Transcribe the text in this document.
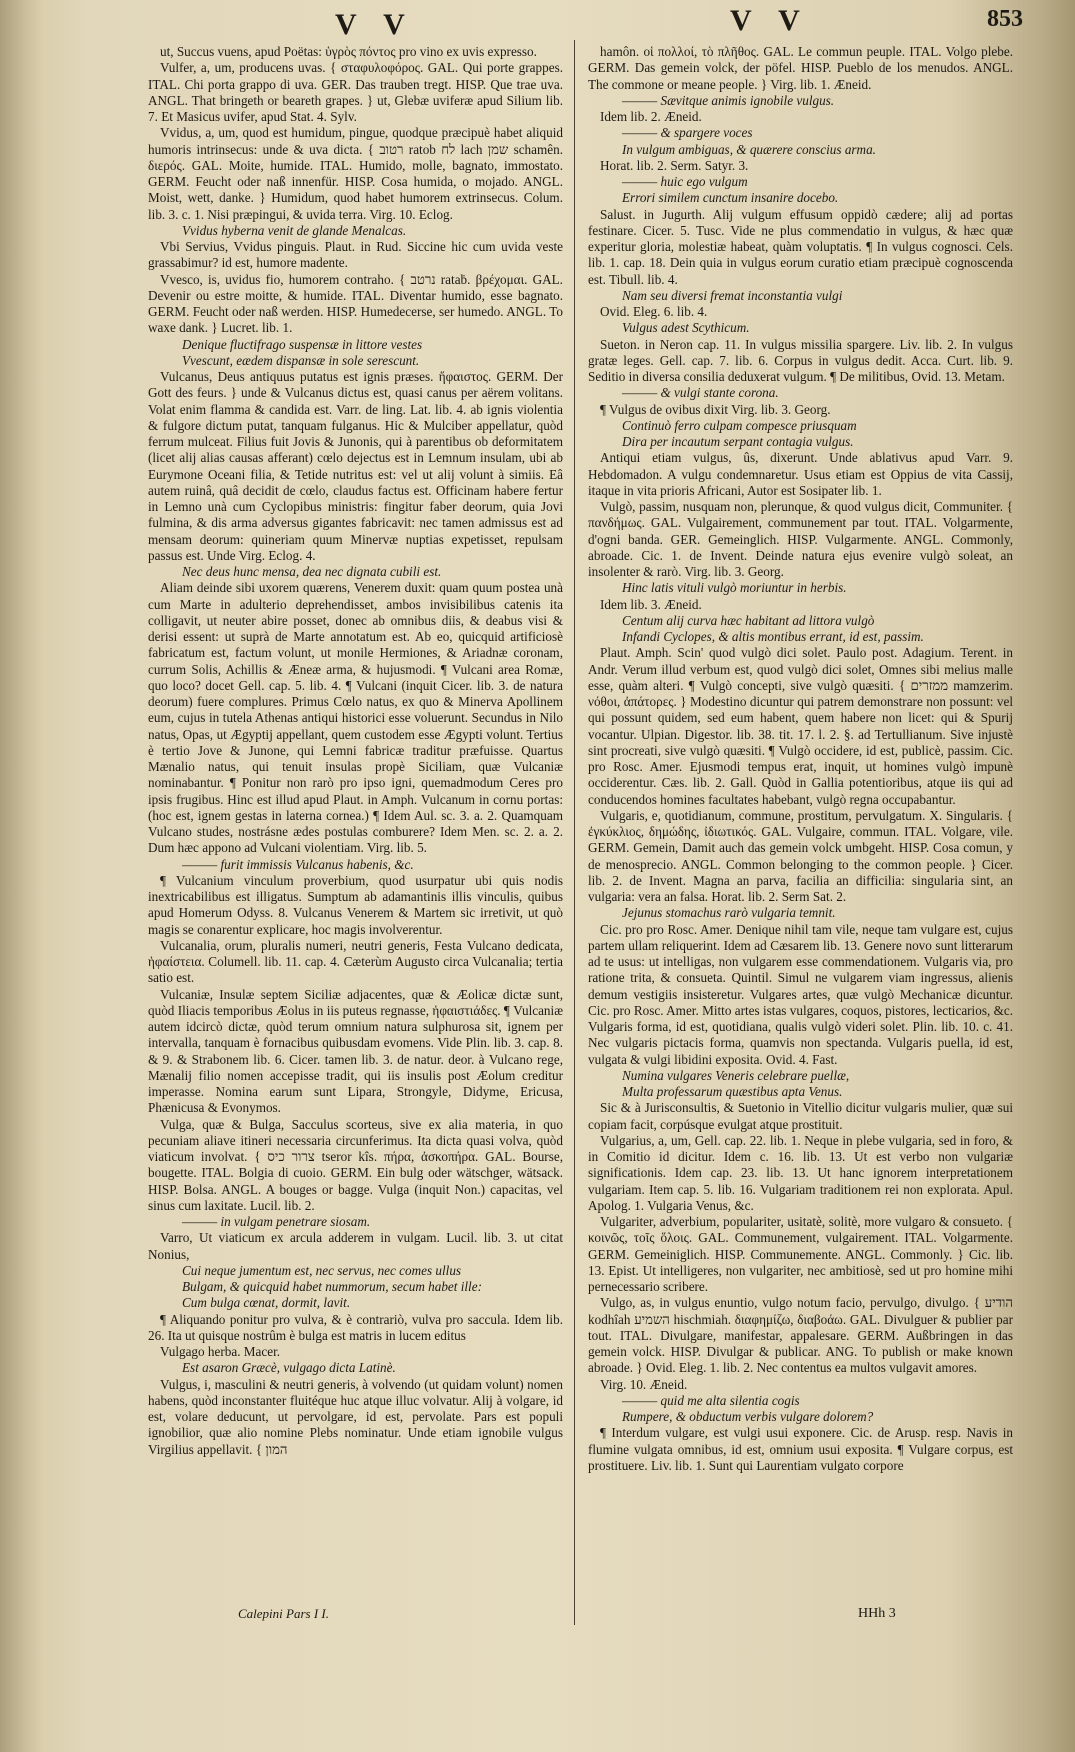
V V	V V	853

ut, Succus vuens, apud Poëtas: ὑγρὸς πόντος pro vino ex uvis expresso.

Vulfer, a, um, producens uvas. { σταφυλοφόρος. GAL. Qui porte grappes. ITAL. Chi porta grappo di uva. GER. Das trauben tregt. HISP. Que trae uva. ANGL. That bringeth or beareth grapes. } ut, Glebæ uviferæ apud Silium lib. 7. Et Masicus uvifer, apud Stat. 4. Sylv.

Vvidus, a, um, quod est humidum, pingue, quodque præcipuè habet aliquid humoris intrinsecus: unde & uva dicta. { רטוב ratob לח lach שמן schamên. διερός. GAL. Moite, humide. ITAL. Humido, molle, bagnato, immostato. GERM. Feucht oder naß innenfür. HISP. Cosa humida, o mojado. ANGL. Moist, wett, danke. } Humidum, quod habet humorem extrinsecus. Colum. lib. 3. c. 1. Nisi præpingui, & uvida terra. Virg. 10. Eclog.

Vvidus hyberna venit de glande Menalcas.

Vbi Servius, Vvidus pinguis. Plaut. in Rud. Siccine hic cum uvida veste grassabimur? id est, humore madente.

Vvesco, is, uvidus fio, humorem contraho. { נרטב rataḃ. βρέχομαι. GAL. Devenir ou estre moitte, & humide. ITAL. Diventar humido, esse bagnato. GERM. Feucht oder naß werden. HISP. Humedecerse, ser humedo. ANGL. To waxe dank. } Lucret. lib. 1.

Denique fluctifrago suspensæ in littore vestes

Vvescunt, eædem dispansæ in sole serescunt.

Vulcanus, Deus antiquus putatus est ignis præses. ἥφαιστος. GERM. Der Gott des feurs. } unde & Vulcanus dictus est, quasi canus per aërem volitans. Volat enim flamma & candida est. Varr. de ling. Lat. lib. 4. ab ignis violentia & fulgore dictum putat, tanquam fulganus. Hic & Mulciber appellatur, quòd ferrum mulceat. Filius fuit Jovis & Junonis, qui à parentibus ob deformitatem (licet alij alias causas afferant) cœlo dejectus est in Lemnum insulam, ubi ab Eurymone Oceani filia, & Tetide nutritus est: vel ut alij volunt à simiis. Eâ autem ruinâ, quâ decidit de cœlo, claudus factus est. Officinam habere fertur in Lemno unà cum Cyclopibus ministris: fingitur faber deorum, quia Jovi fulmina, & dis arma adversus gigantes fabricavit: nec tamen admissus est ad mensam deorum: quineriam quum Minervæ nuptias expetisset, repulsam passus est. Unde Virg. Eclog. 4.

Nec deus hunc mensa, dea nec dignata cubili est.

Aliam deinde sibi uxorem quærens, Venerem duxit: quam quum postea unà cum Marte in adulterio deprehendisset, ambos invisibilibus catenis ita colligavit, ut neuter abire posset, donec ab omnibus diis, & deabus visi & derisi essent: ut suprà de Marte annotatum est. Ab eo, quicquid artificiosè fabricatum est, factum volunt, ut monile Hermiones, & Ariadnæ coronam, currum Solis, Achillis & Æneæ arma, & hujusmodi. ¶ Vulcani area Romæ, quo loco? docet Gell. cap. 5. lib. 4. ¶ Vulcani (inquit Cicer. lib. 3. de natura deorum) fuere complures. Primus Cœlo natus, ex quo & Minerva Apollinem eum, cujus in tutela Athenas antiqui historici esse voluerunt. Secundus in Nilo natus, Opas, ut Ægyptij appellant, quem custodem esse Ægypti volunt. Tertius è tertio Jove & Junone, qui Lemni fabricæ traditur præfuisse. Quartus Mænalio natus, qui tenuit insulas propè Siciliam, quæ Vulcaniæ nominabantur. ¶ Ponitur non rarò pro ipso igni, quemadmodum Ceres pro ipsis frugibus. Hinc est illud apud Plaut. in Amph. Vulcanum in cornu portas: (hoc est, ignem gestas in laterna cornea.) ¶ Idem Aul. sc. 3. a. 2. Quamquam Vulcano studes, nostrásne ædes postulas comburere? Idem Men. sc. 2. a. 2. Dum hæc appono ad Vulcani violentiam. Virg. lib. 5.

——— furit immissis Vulcanus habenis, &c.

¶ Vulcanium vinculum proverbium, quod usurpatur ubi quis nodis inextricabilibus est illigatus. Sumptum ab adamantinis illis vinculis, quibus apud Homerum Odyss. 8. Vulcanus Venerem & Martem sic irretivit, ut quò magis se conarentur explicare, hoc magis involverentur.

Vulcanalia, orum, pluralis numeri, neutri generis, Festa Vulcano dedicata, ἡφαίστεια. Columell. lib. 11. cap. 4. Cæterùm Augusto circa Vulcanalia; tertia satio est.

Vulcaniæ, Insulæ septem Siciliæ adjacentes, quæ & Æolicæ dictæ sunt, quòd Iliacis temporibus Æolus in iis puteus regnasse, ἡφαιστιάδες. ¶ Vulcaniæ autem idcircò dictæ, quòd terum omnium natura sulphurosa sit, ignem per intervalla, tanquam è fornacibus quibusdam evomens. Vide Plin. lib. 3. cap. 8. & 9. & Strabonem lib. 6. Cicer. tamen lib. 3. de natur. deor. à Vulcano rege, Mænalij filio nomen accepisse tradit, qui iis insulis post Æolum creditur imperasse. Nomina earum sunt Lipara, Strongyle, Didyme, Ericusa, Phænicusa & Evonymos.

Vulga, quæ & Bulga, Sacculus scorteus, sive ex alia materia, in quo pecuniam aliave itineri necessaria circunferimus. Ita dicta quasi volva, quòd viaticum involvat. { צרור כיס tseror kîs. πήρα, ἀσκοπήρα. GAL. Bourse, bougette. ITAL. Bolgia di cuoio. GERM. Ein bulg oder wätschger, wätsack. HISP. Bolsa. ANGL. A bouges or bagge. Vulga (inquit Non.) capacitas, vel sinus cum laxitate. Lucil. lib. 2.

——— in vulgam penetrare siosam.

Varro, Ut viaticum ex arcula adderem in vulgam. Lucil. lib. 3. ut citat Nonius,

Cui neque jumentum est, nec servus, nec comes ullus

Bulgam, & quicquid habet nummorum, secum habet ille:

Cum bulga cœnat, dormit, lavit.

¶ Aliquando ponitur pro vulva, & è contrariò, vulva pro saccula. Idem lib. 26. Ita ut quisque nostrûm è bulga est matris in lucem editus

Vulgago herba. Macer.

Est asaron Græcè, vulgago dicta Latinè.

Vulgus, i, masculini & neutri generis, à volvendo (ut quidam volunt) nomen habens, quòd inconstanter fluitéque huc atque illuc volvatur. Alij à volgare, id est, volare deducunt, ut pervolgare, id est, pervolate. Pars est populi ignobilior, quæ alio nomine Plebs nominatur. Unde etiam ignobile vulgus Virgilius appellavit. { המון

hamôn. οἱ πολλοί, τὸ πλῆθος. GAL. Le commun peuple. ITAL. Volgo plebe. GERM. Das gemein volck, der pöfel. HISP. Pueblo de los menudos. ANGL. The commone or meane people. } Virg. lib. 1. Æneid.

——— Sævitque animis ignobile vulgus.

Idem lib. 2. Æneid.

——— & spargere voces

In vulgum ambiguas, & quærere conscius arma.

Horat. lib. 2. Serm. Satyr. 3.

——— huic ego vulgum

Errori similem cunctum insanire docebo.

Salust. in Jugurth. Alij vulgum effusum oppidò cædere; alij ad portas festinare. Cicer. 5. Tusc. Vide ne plus commendatio in vulgus, & hæc quæ experitur gloria, molestiæ habeat, quàm voluptatis. ¶ In vulgus cognosci. Cels. lib. 1. cap. 18. Dein quia in vulgus eorum curatio etiam præcipuè cognoscenda est. Tibull. lib. 4.

Nam seu diversi fremat inconstantia vulgi

Ovid. Eleg. 6. lib. 4.

Vulgus adest Scythicum.

Sueton. in Neron cap. 11. In vulgus missilia spargere. Liv. lib. 2. In vulgus gratæ leges. Gell. cap. 7. lib. 6. Corpus in vulgus dedit. Acca. Curt. lib. 9. Seditio in diversa consilia deduxerat vulgum. ¶ De militibus, Ovid. 13. Metam.

——— & vulgi stante corona.

¶ Vulgus de ovibus dixit Virg. lib. 3. Georg.

Continuò ferro culpam compesce priusquam

Dira per incautum serpant contagia vulgus.

Antiqui etiam vulgus, ûs, dixerunt. Unde ablativus apud Varr. 9. Hebdomadon. A vulgu condemnaretur. Usus etiam est Oppius de vita Cassij, itaque in vita prioris Africani, Autor est Sosipater lib. 1.

Vulgò, passim, nusquam non, plerunque, & quod vulgus dicit, Communiter. { πανδήμως. GAL. Vulgairement, communement par tout. ITAL. Volgarmente, d'ogni banda. GER. Gemeinglich. HISP. Vulgarmente. ANGL. Commonly, abroade. Cic. 1. de Invent. Deinde natura ejus evenire vulgò soleat, an insolenter & rarò. Virg. lib. 3. Georg.

Hinc latis vituli vulgò moriuntur in herbis.

Idem lib. 3. Æneid.

Centum alij curva hæc habitant ad littora vulgò

Infandi Cyclopes, & altis montibus errant, id est, passim.

Plaut. Amph. Scin' quod vulgò dici solet. Paulo post. Adagium. Terent. in Andr. Verum illud verbum est, quod vulgò dici solet, Omnes sibi melius malle esse, quàm alteri. ¶ Vulgò concepti, sive vulgò quæsiti. { ממזרים mamzerim. νόθοι, ἀπάτορες. } Modestino dicuntur qui patrem demonstrare non possunt: vel qui possunt quidem, sed eum habent, quem habere non licet: qui & Spurij vocantur. Ulpian. Digestor. lib. 38. tit. 17. l. 2. §. ad Tertullianum. Sive injustè sint procreati, sive vulgò quæsiti. ¶ Vulgò occidere, id est, publicè, passim. Cic. pro Rosc. Amer. Ejusmodi tempus erat, inquit, ut homines vulgò impunè occiderentur. Cæs. lib. 2. Gall. Quòd in Gallia potentioribus, atque iis qui ad conducendos homines facultates habebant, vulgò regna occupabantur.

Vulgaris, e, quotidianum, commune, prostitum, pervulgatum. X. Singularis. { ἐγκύκλιος, δημώδης, ἰδιωτικός. GAL. Vulgaire, commun. ITAL. Volgare, vile. GERM. Gemein, Damit auch das gemein volck umbgeht. HISP. Cosa comun, y de menosprecio. ANGL. Common belonging to the common people. } Cicer. lib. 2. de Invent. Magna an parva, facilia an difficilia: singularia sint, an vulgaria: vera an falsa. Horat. lib. 2. Serm Sat. 2.

Jejunus stomachus rarò vulgaria temnit.

Cic. pro pro Rosc. Amer. Denique nihil tam vile, neque tam vulgare est, cujus partem ullam reliquerint. Idem ad Cæsarem lib. 13. Genere novo sunt litterarum ad te usus: ut intelligas, non vulgarem esse commendationem. Vulgaris via, pro ratione trita, & consueta. Quintil. Simul ne vulgarem viam ingressus, alienis demum vestigiis insisteretur. Vulgares artes, quæ vulgò Mechanicæ dicuntur. Cic. pro Rosc. Amer. Mitto artes istas vulgares, coquos, pistores, lecticarios, &c. Vulgaris forma, id est, quotidiana, qualis vulgò videri solet. Plin. lib. 10. c. 41. Nec vulgaris pictacis forma, quamvis non spectanda. Vulgaris puella, id est, vulgata & vulgi libidini exposita. Ovid. 4. Fast.

Numina vulgares Veneris celebrare puellæ,

Multa professarum quæstibus apta Venus.

Sic & à Jurisconsultis, & Suetonio in Vitellio dicitur vulgaris mulier, quæ sui copiam facit, corpúsque evulgat atque prostituit.

Vulgarius, a, um, Gell. cap. 22. lib. 1. Neque in plebe vulgaria, sed in foro, & in Comitio id dicitur. Idem c. 16. lib. 13. Ut est verbo non vulgariæ significationis. Idem cap. 23. lib. 13. Ut hanc ignorem interpretationem vulgariam. Item cap. 5. lib. 16. Vulgariam traditionem rei non explorata. Apul. Apolog. 1. Vulgaria Venus, &c.

Vulgariter, adverbium, populariter, usitatè, solitè, more vulgaro & consueto. { κοινῶς, τοῖς ὅλοις. GAL. Communement, vulgairement. ITAL. Volgarmente. GERM. Gemeiniglich. HISP. Communemente. ANGL. Commonly. } Cic. lib. 13. Epist. Ut intelligeres, non vulgariter, nec ambitiosè, sed ut pro homine mihi pernecessario scribere.

Vulgo, as, in vulgus enuntio, vulgo notum facio, pervulgo, divulgo. { הודיע kodhîah השמיע hischmiah. διαφημίζω, διαβοάω. GAL. Divulguer & publier par tout. ITAL. Divulgare, manifestar, appalesare. GERM. Außbringen in das gemein volck. HISP. Divulgar & publicar. ANG. To publish or make known abroade. } Ovid. Eleg. 1. lib. 2. Nec contentus ea multos vulgavit amores.

Virg. 10. Æneid.

——— quid me alta silentia cogis

Rumpere, & obductum verbis vulgare dolorem?

¶ Interdum vulgare, est vulgi usui exponere. Cic. de Arusp. resp. Navis in flumine vulgata omnibus, id est, omnium usui exposita. ¶ Vulgare corpus, est prostituere. Liv. lib. 1. Sunt qui Laurentiam vulgato corpore

Calepini Pars I I.	HHh 3
